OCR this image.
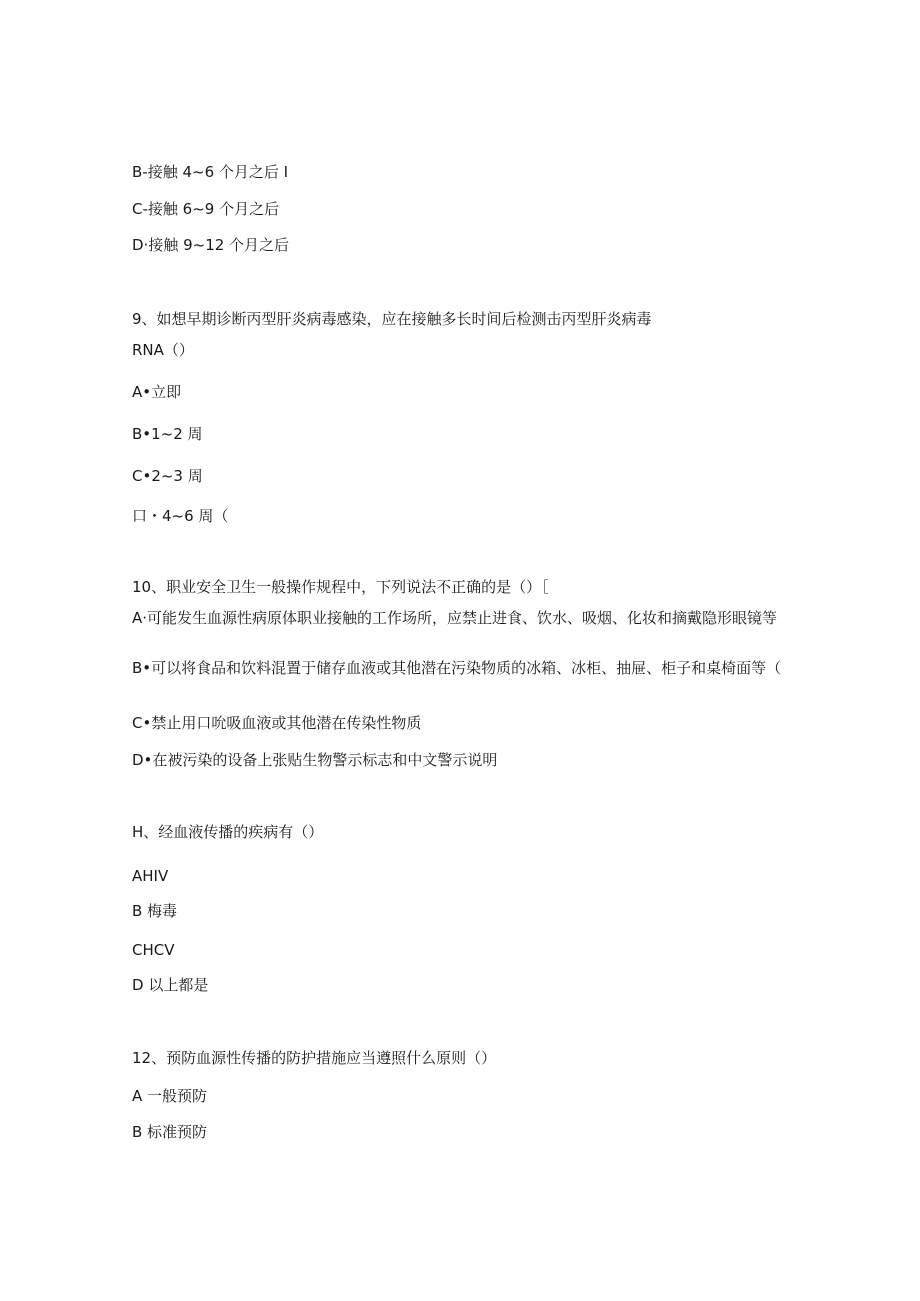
B-接触 4~6 个月之后 I
C-接触 6~9 个月之后
D·接触 9~12 个月之后
9、如想早期诊断丙型肝炎病毒感染，应在接触多长时间后检测击丙型肝炎病毒
RNA（）
A•立即
B•1~2 周
C•2~3 周
口・4~6 周（
10、职业安全卫生一般操作规程中，下列说法不正确的是（）［
A·可能发生血源性病原体职业接触的工作场所，应禁止进食、饮水、吸烟、化妆和摘戴隐形眼镜等
B•可以将食品和饮料混置于储存血液或其他潜在污染物质的冰箱、冰柜、抽屉、柜子和桌椅面等（
C•禁止用口吮吸血液或其他潜在传染性物质
D•在被污染的设备上张贴生物警示标志和中文警示说明
H、经血液传播的疾病有（）
AHIV
B 梅毒
CHCV
D 以上都是
12、预防血源性传播的防护措施应当遵照什么原则（）
A 一般预防
B 标准预防
